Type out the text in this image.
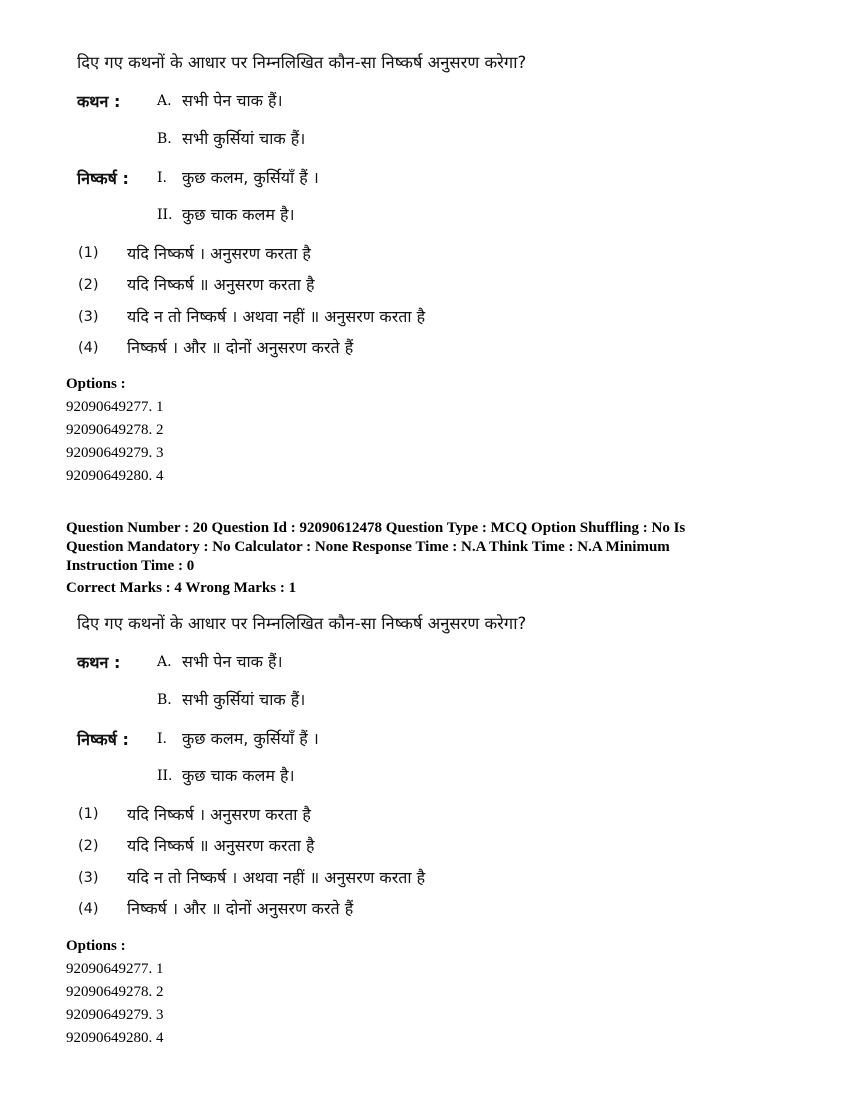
दिए गए कथनों के आधार पर निम्नलिखित कौन-सा निष्कर्ष अनुसरण करेगा?
कथन :	A. सभी पेन चाक हैं।
B. सभी कुर्सियां चाक हैं।
निष्कर्ष : I. कुछ कलम, कुर्सियाँ हैं ।
II. कुछ चाक कलम है।
(1) यदि निष्कर्ष । अनुसरण करता है
(2) यदि निष्कर्ष ॥ अनुसरण करता है
(3) यदि न तो निष्कर्ष । अथवा नहीं ॥ अनुसरण करता है
(4) निष्कर्ष । और ॥ दोनों अनुसरण करते हैं
Options :
92090649277. 1
92090649278. 2
92090649279. 3
92090649280. 4
Question Number : 20 Question Id : 92090612478 Question Type : MCQ Option Shuffling : No Is
Question Mandatory : No Calculator : None Response Time : N.A Think Time : N.A Minimum
Instruction Time : 0
Correct Marks : 4 Wrong Marks : 1
दिए गए कथनों के आधार पर निम्नलिखित कौन-सा निष्कर्ष अनुसरण करेगा?
कथन :	A. सभी पेन चाक हैं।
B. सभी कुर्सियां चाक हैं।
निष्कर्ष : I. कुछ कलम, कुर्सियाँ हैं ।
II. कुछ चाक कलम है।
(1) यदि निष्कर्ष । अनुसरण करता है
(2) यदि निष्कर्ष ॥ अनुसरण करता है
(3) यदि न तो निष्कर्ष । अथवा नहीं ॥ अनुसरण करता है
(4) निष्कर्ष । और ॥ दोनों अनुसरण करते हैं
Options :
92090649277. 1
92090649278. 2
92090649279. 3
92090649280. 4
